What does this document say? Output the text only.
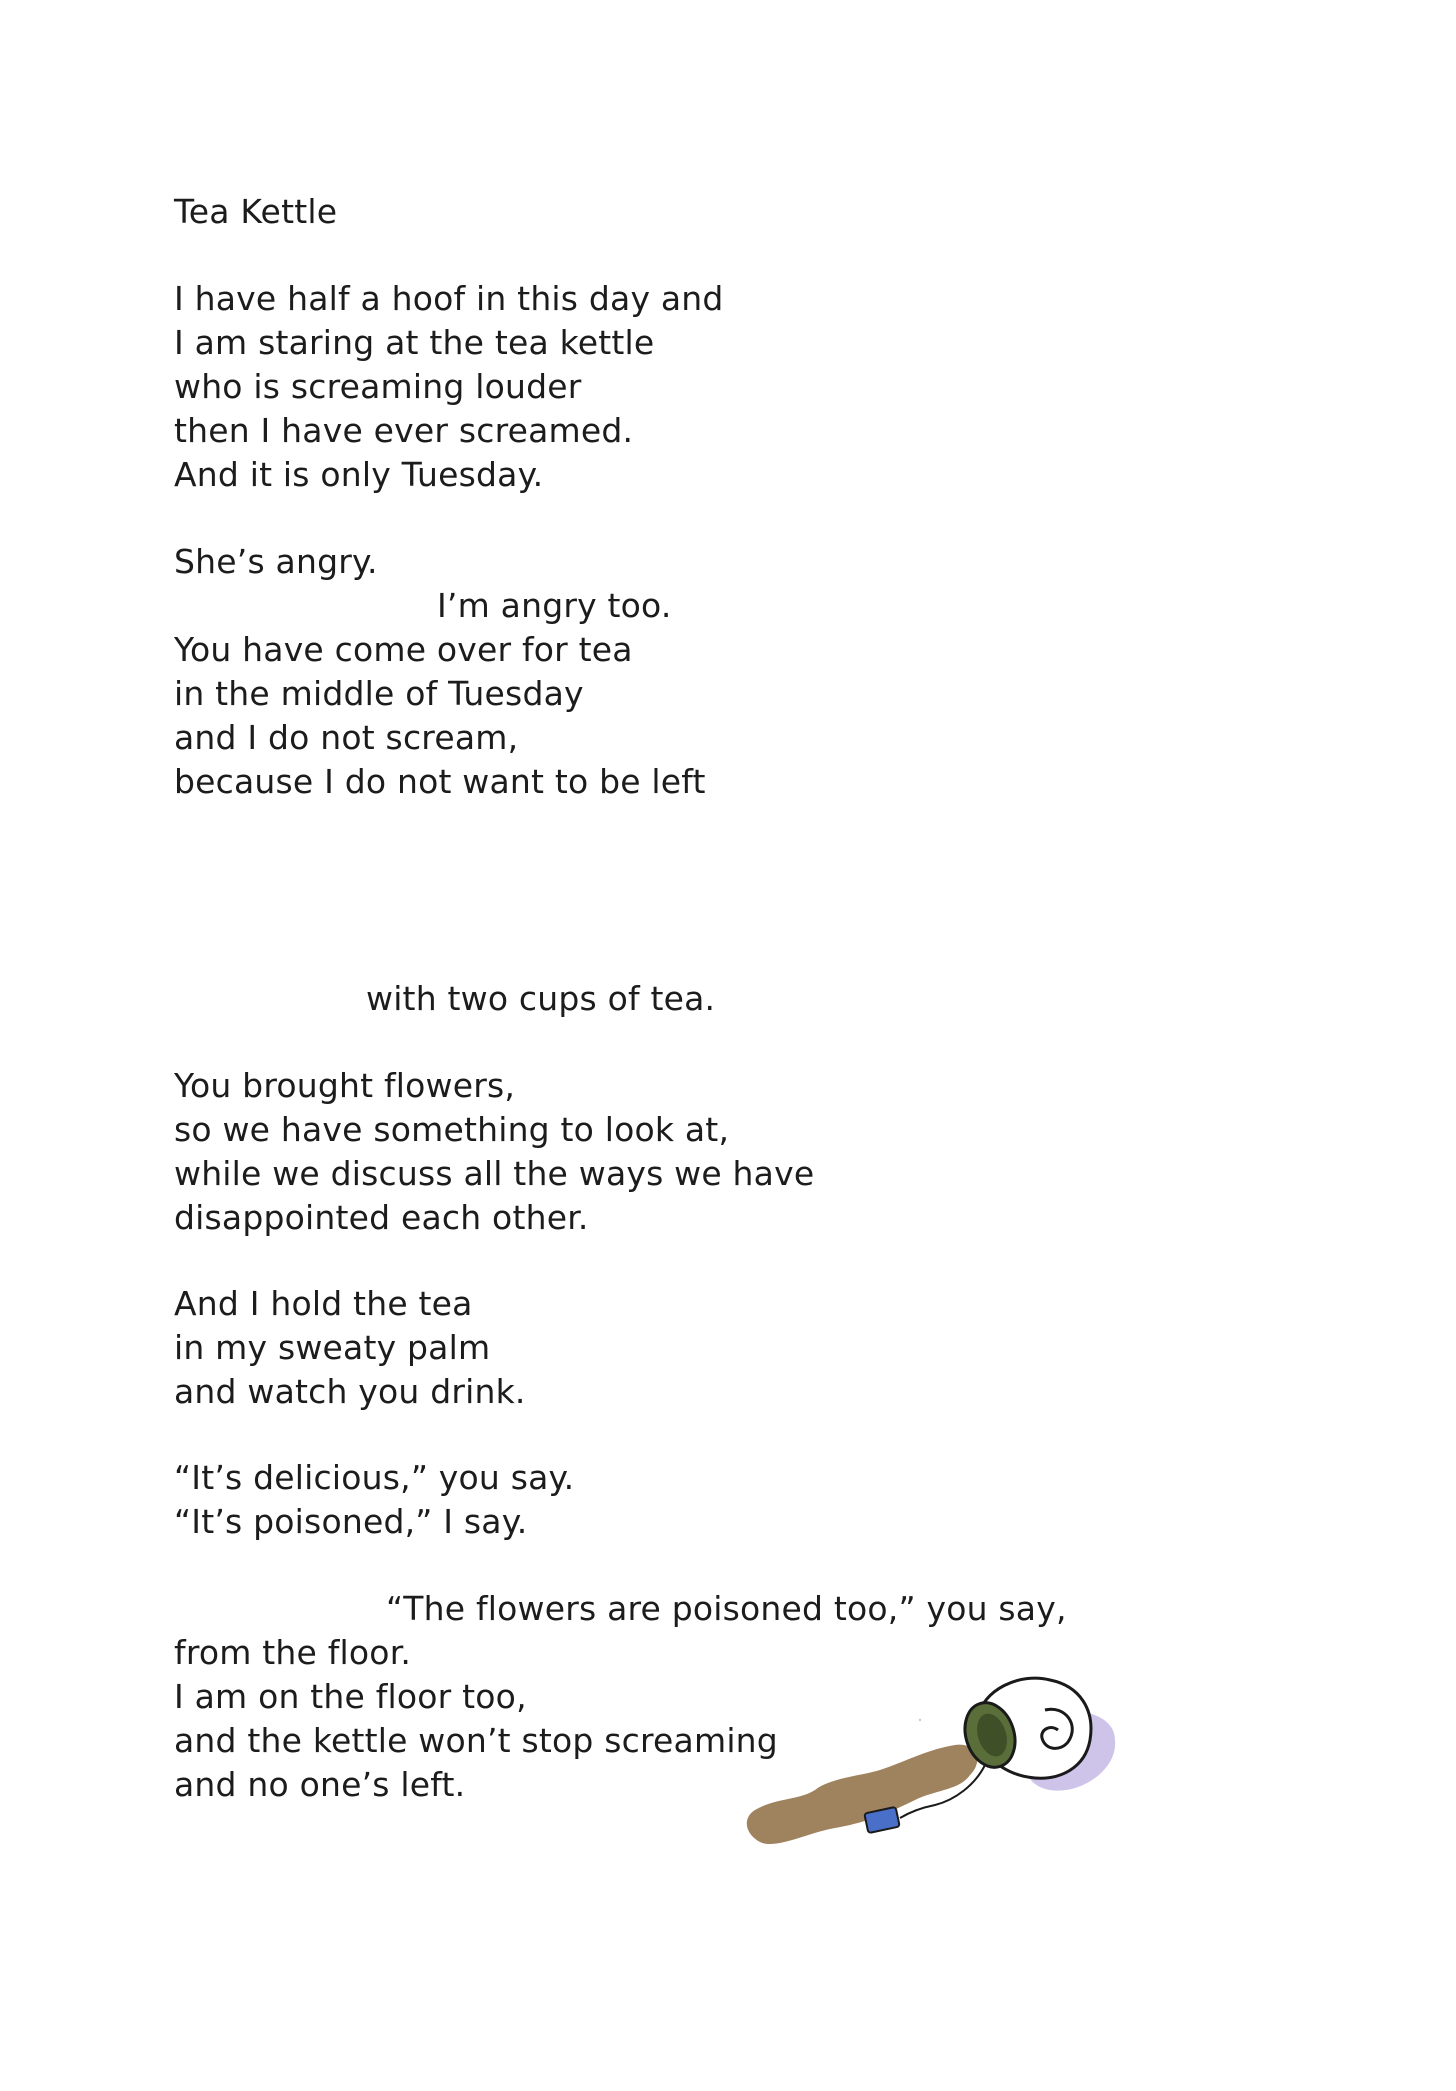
Tea Kettle
I have half a hoof in this day and
I am staring at the tea kettle
who is screaming louder
then I have ever screamed.
And it is only Tuesday.
She’s angry.
I’m angry too.
You have come over for tea
in the middle of Tuesday
and I do not scream,
because I do not want to be left
with two cups of tea.
You brought flowers,
so we have something to look at,
while we discuss all the ways we have
disappointed each other.
And I hold the tea
in my sweaty palm
and watch you drink.
“It’s delicious,” you say.
“It’s poisoned,” I say.
“The flowers are poisoned too,” you say,
from the floor.
I am on the floor too,
and the kettle won’t stop screaming
and no one’s left.
